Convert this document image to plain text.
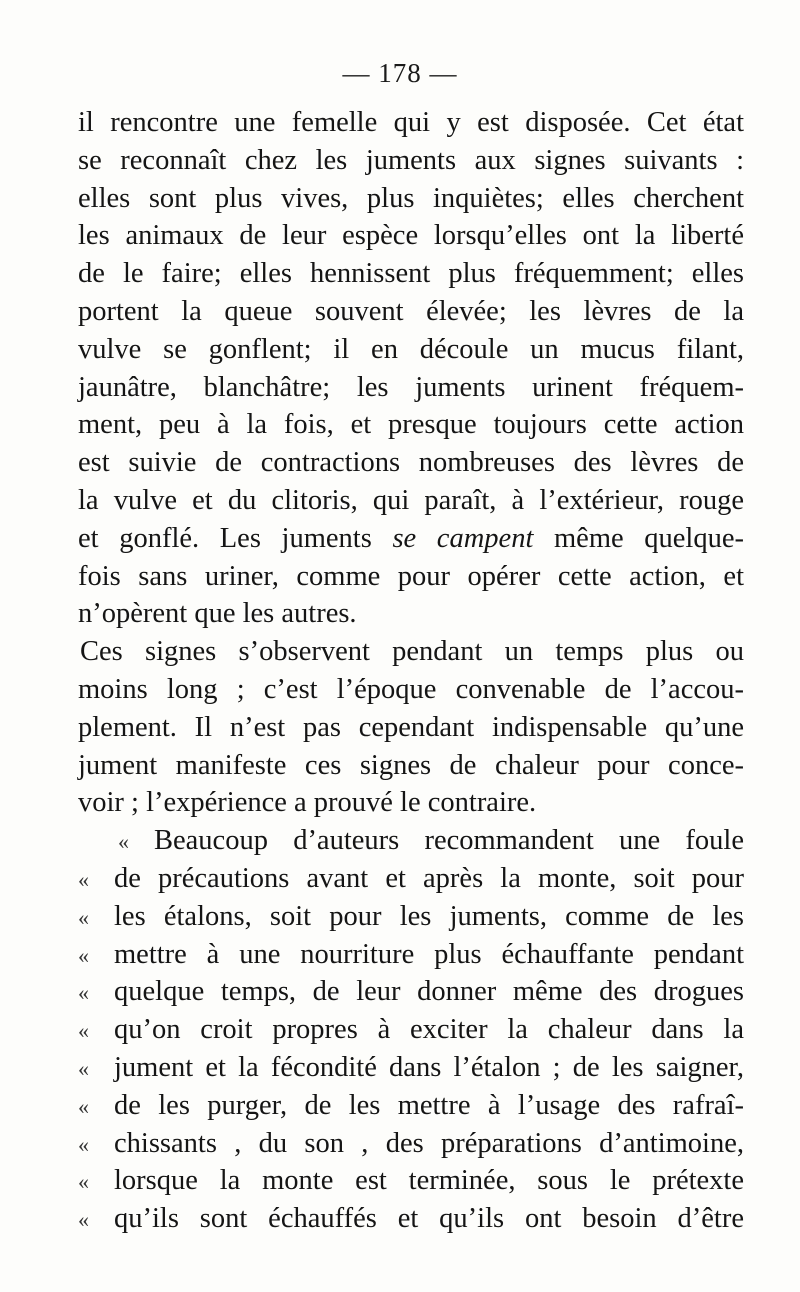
— 178 —
il rencontre une femelle qui y est disposée. Cet état
se reconnaît chez les juments aux signes suivants :
elles sont plus vives, plus inquiètes; elles cherchent
les animaux de leur espèce lorsqu’elles ont la liberté
de le faire; elles hennissent plus fréquemment; elles
portent la queue souvent élevée; les lèvres de la
vulve se gonflent; il en découle un mucus filant,
jaunâtre, blanchâtre; les juments urinent fréquem-
ment, peu à la fois, et presque toujours cette action
est suivie de contractions nombreuses des lèvres de
la vulve et du clitoris, qui paraît, à l’extérieur, rouge
et gonflé. Les juments se campent même quelque-
fois sans uriner, comme pour opérer cette action, et
n’opèrent que les autres.
Ces signes s’observent pendant un temps plus ou
moins long ; c’est l’époque convenable de l’accou-
plement. Il n’est pas cependant indispensable qu’une
jument manifeste ces signes de chaleur pour conce-
voir ; l’expérience a prouvé le contraire.
« Beaucoup d’auteurs recommandent une foule
« de précautions avant et après la monte, soit pour
« les étalons, soit pour les juments, comme de les
« mettre à une nourriture plus échauffante pendant
« quelque temps, de leur donner même des drogues
« qu’on croit propres à exciter la chaleur dans la
« jument et la fécondité dans l’étalon ; de les saigner,
« de les purger, de les mettre à l’usage des rafraî-
« chissants , du son , des préparations d’antimoine,
« lorsque la monte est terminée, sous le prétexte
« qu’ils sont échauffés et qu’ils ont besoin d’être
